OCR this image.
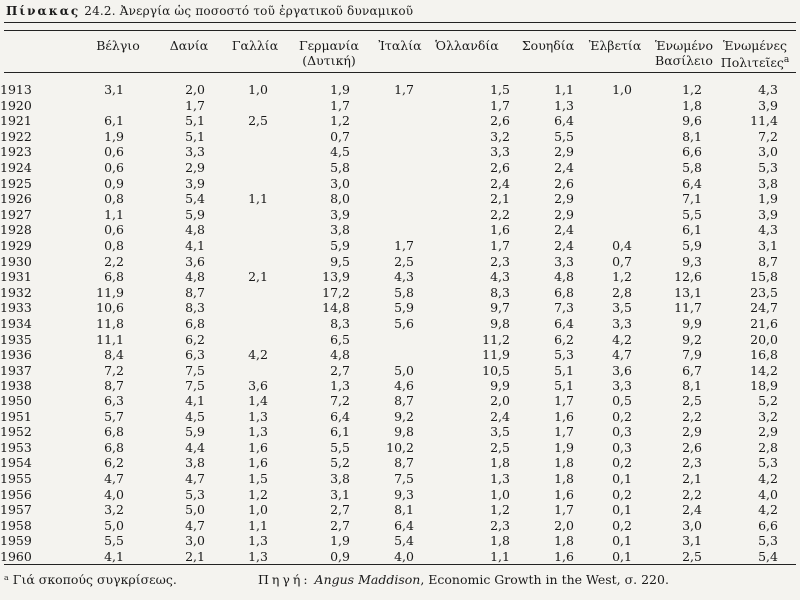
Πίνακας 24.2. Ἀνεργία ὡς ποσοστό τοῦ ἐργατικοῦ δυναμικοῦ
Βέλγιο	Δανία	Γαλλία	Γερμανία
(Δυτική)
Ἰταλία	Ὁλλανδία	Σουηδία	Ἐλβετία	Ἑνωμένο
Βασίλειο
Ἑνωμένες
Πολιτεῖες$^a$
1913	3,1	2,0	1,0	1,9	1,7	1,5	1,1	1,0	1,2	4,3
1920		1,7		1,7		1,7	1,3		1,8	3,9
1921	6,1	5,1	2,5	1,2		2,6	6,4		9,6	11,4
1922	1,9	5,1		0,7		3,2	5,5		8,1	7,2
1923	0,6	3,3		4,5		3,3	2,9		6,6	3,0
1924	0,6	2,9		5,8		2,6	2,4		5,8	5,3
1925	0,9	3,9		3,0		2,4	2,6		6,4	3,8
1926	0,8	5,4	1,1	8,0		2,1	2,9		7,1	1,9
1927	1,1	5,9		3,9		2,2	2,9		5,5	3,9
1928	0,6	4,8		3,8		1,6	2,4		6,1	4,3
1929	0,8	4,1		5,9	1,7	1,7	2,4	0,4	5,9	3,1
1930	2,2	3,6		9,5	2,5	2,3	3,3	0,7	9,3	8,7
1931	6,8	4,8	2,1	13,9	4,3	4,3	4,8	1,2	12,6	15,8
1932	11,9	8,7		17,2	5,8	8,3	6,8	2,8	13,1	23,5
1933	10,6	8,3		14,8	5,9	9,7	7,3	3,5	11,7	24,7
1934	11,8	6,8		8,3	5,6	9,8	6,4	3,3	9,9	21,6
1935	11,1	6,2		6,5		11,2	6,2	4,2	9,2	20,0
1936	8,4	6,3	4,2	4,8		11,9	5,3	4,7	7,9	16,8
1937	7,2	7,5		2,7	5,0	10,5	5,1	3,6	6,7	14,2
1938	8,7	7,5	3,6	1,3	4,6	9,9	5,1	3,3	8,1	18,9
1950	6,3	4,1	1,4	7,2	8,7	2,0	1,7	0,5	2,5	5,2
1951	5,7	4,5	1,3	6,4	9,2	2,4	1,6	0,2	2,2	3,2
1952	6,8	5,9	1,3	6,1	9,8	3,5	1,7	0,3	2,9	2,9
1953	6,8	4,4	1,6	5,5	10,2	2,5	1,9	0,3	2,6	2,8
1954	6,2	3,8	1,6	5,2	8,7	1,8	1,8	0,2	2,3	5,3
1955	4,7	4,7	1,5	3,8	7,5	1,3	1,8	0,1	2,1	4,2
1956	4,0	5,3	1,2	3,1	9,3	1,0	1,6	0,2	2,2	4,0
1957	3,2	5,0	1,0	2,7	8,1	1,2	1,7	0,1	2,4	4,2
1958	5,0	4,7	1,1	2,7	6,4	2,3	2,0	0,2	3,0	6,6
1959	5,5	3,0	1,3	1,9	5,4	1,8	1,8	0,1	3,1	5,3
1960	4,1	2,1	1,3	0,9	4,0	1,1	1,6	0,1	2,5	5,4
ᵃ Γιά σκοπούς συγκρίσεως.	Πηγή: Angus Maddison, Economic Growth in the West, σ. 220.
